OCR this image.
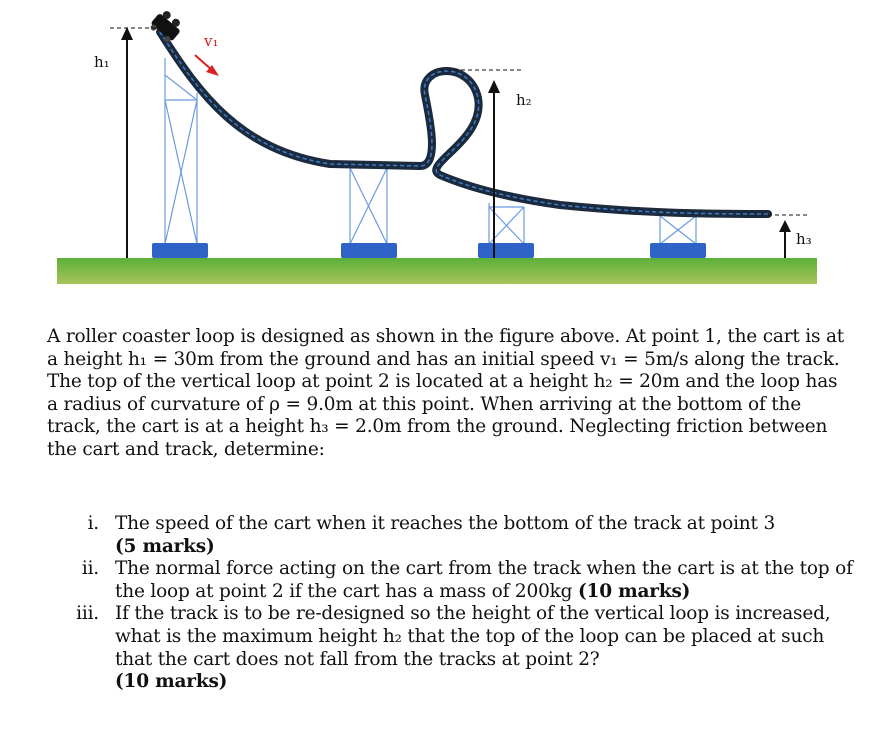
h₁
v₁
h₂
h₃

A roller coaster loop is designed as shown in the figure above. At point 1, the cart is at a height h₁ = 30m from the ground and has an initial speed v₁ = 5m/s along the track. The top of the vertical loop at point 2 is located at a height h₂ = 20m and the loop has a radius of curvature of ρ = 9.0m at this point. When arriving at the bottom of the track, the cart is at a height h₃ = 2.0m from the ground. Neglecting friction between the cart and track, determine:

i. The speed of the cart when it reaches the bottom of the track at point 3
(5 marks)
ii. The normal force acting on the cart from the track when the cart is at the top of the loop at point 2 if the cart has a mass of 200kg (10 marks)
iii. If the track is to be re-designed so the height of the vertical loop is increased, what is the maximum height h₂ that the top of the loop can be placed at such that the cart does not fall from the tracks at point 2?
(10 marks)
